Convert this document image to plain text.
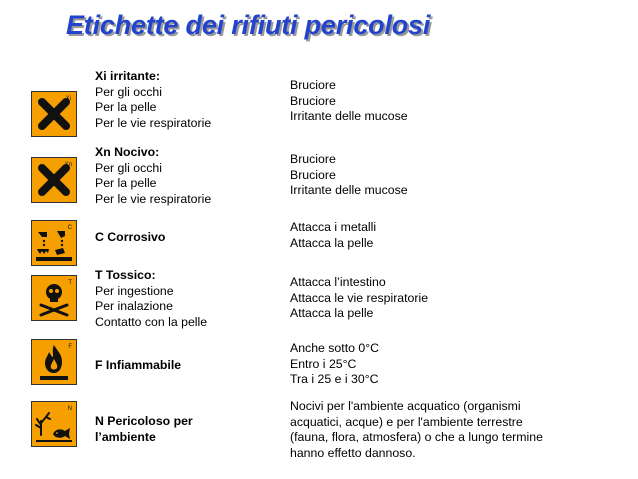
Etichette dei rifiuti pericolosi
Xi
Xi irritante:
Per gli occhi
Per la pelle
Per le vie respiratorie
Bruciore
Bruciore
Irritante delle mucose
Xn
Xn Nocivo:
Per gli occhi
Per la pelle
Per le vie respiratorie
Bruciore
Bruciore
Irritante delle mucose
C
C Corrosivo
Attacca i metalli
Attacca la pelle
T
T Tossico:
Per ingestione
Per inalazione
Contatto con la pelle
Attacca l’intestino
Attacca le vie respiratorie
Attacca la pelle
F
F Infiammabile
Anche sotto 0°C
Entro i 25°C
Tra i 25 e i 30°C
N
N Pericoloso per
l’ambiente
Nocivi per l'ambiente acquatico (organismi
acquatici, acque) e per l'ambiente terrestre
(fauna, flora, atmosfera) o che a lungo termine
hanno effetto dannoso.
